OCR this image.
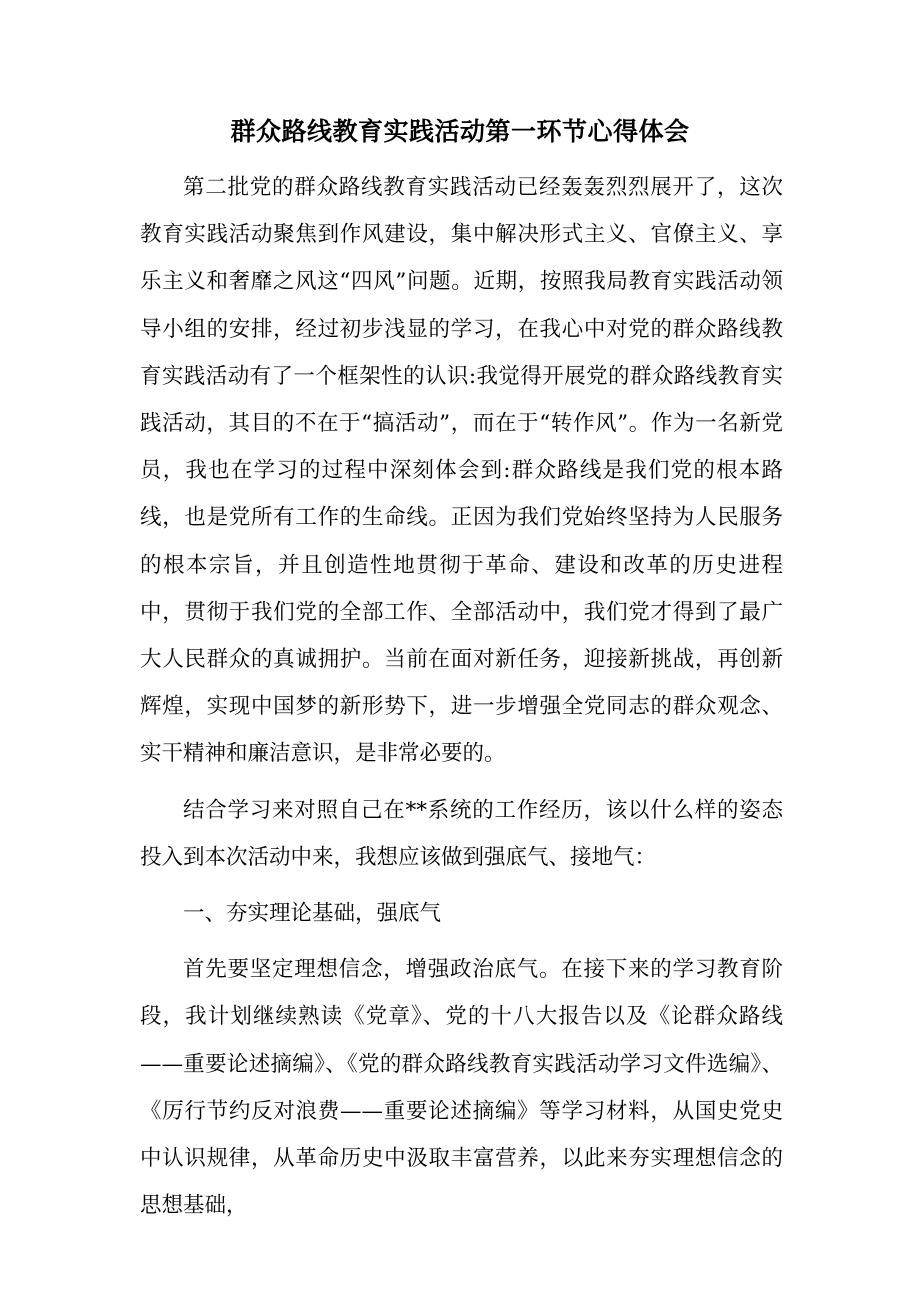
群众路线教育实践活动第一环节心得体会

第二批党的群众路线教育实践活动已经轰轰烈烈展开了，这次教育实践活动聚焦到作风建设，集中解决形式主义、官僚主义、享乐主义和奢靡之风这“四风”问题。近期，按照我局教育实践活动领导小组的安排，经过初步浅显的学习，在我心中对党的群众路线教育实践活动有了一个框架性的认识:我觉得开展党的群众路线教育实践活动，其目的不在于“搞活动”，而在于“转作风”。作为一名新党员，我也在学习的过程中深刻体会到:群众路线是我们党的根本路线，也是党所有工作的生命线。正因为我们党始终坚持为人民服务的根本宗旨，并且创造性地贯彻于革命、建设和改革的历史进程中，贯彻于我们党的全部工作、全部活动中，我们党才得到了最广大人民群众的真诚拥护。当前在面对新任务，迎接新挑战，再创新辉煌，实现中国梦的新形势下，进一步增强全党同志的群众观念、实干精神和廉洁意识，是非常必要的。

结合学习来对照自己在**系统的工作经历，该以什么样的姿态投入到本次活动中来，我想应该做到强底气、接地气：

一、夯实理论基础，强底气

首先要坚定理想信念，增强政治底气。在接下来的学习教育阶段，我计划继续熟读《党章》、党的十八大报告以及《论群众路线——重要论述摘编》、《党的群众路线教育实践活动学习文件选编》、《厉行节约反对浪费——重要论述摘编》等学习材料，从国史党史中认识规律，从革命历史中汲取丰富营养，以此来夯实理想信念的思想基础，
